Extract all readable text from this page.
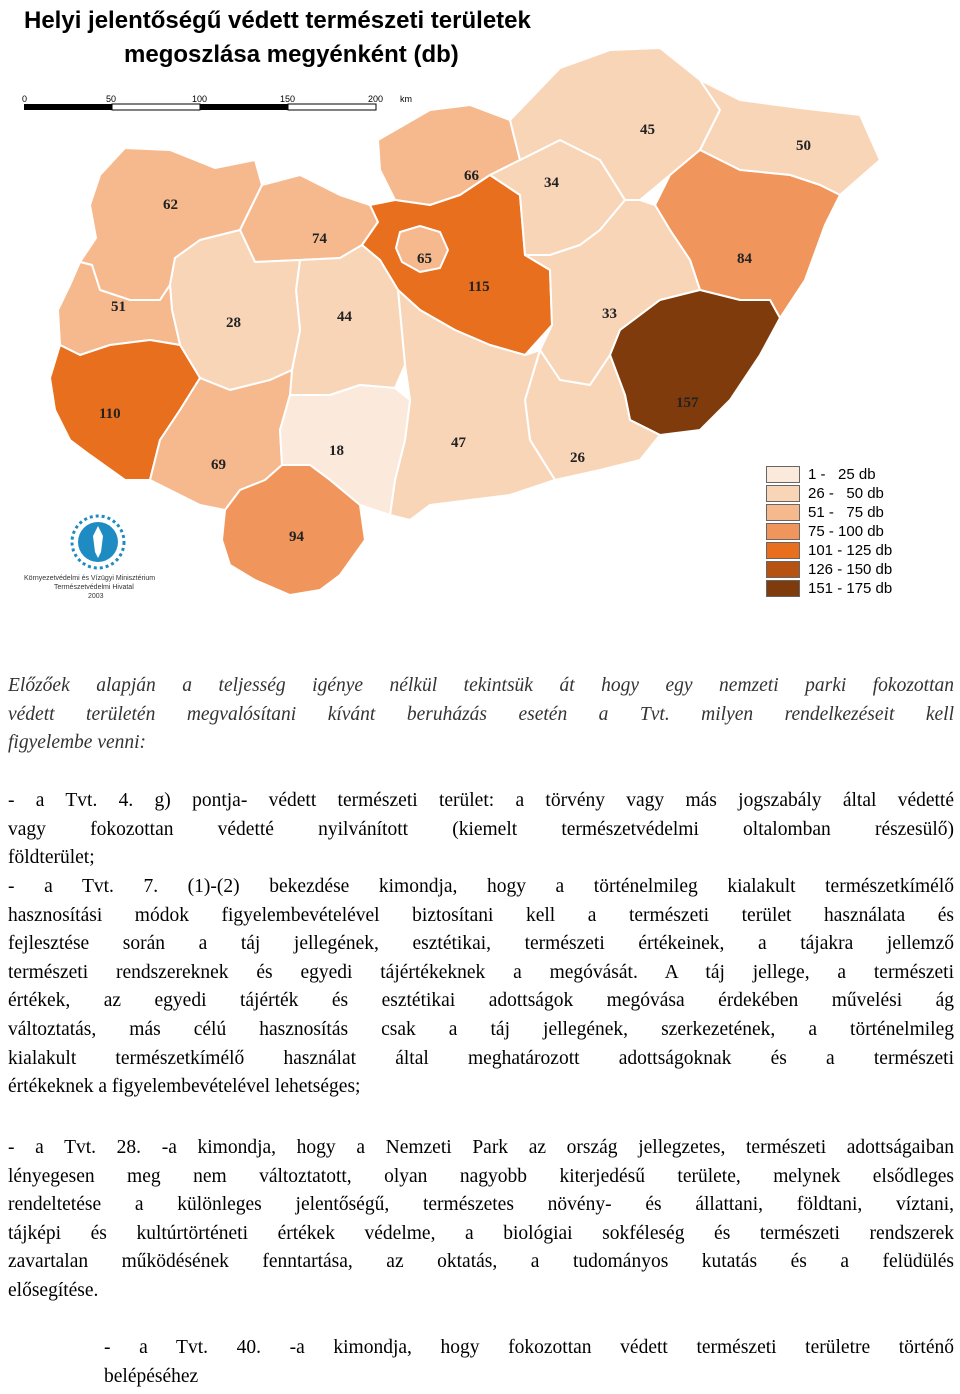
Helyi jelentőségű védett természeti területek
megoszlása megyénként (db)
0	50	100	150	200 km
62
74
65
66
45
50
34
51
28	44
115
33
84
110
69
18	47
26
157
94
Környezetvédelmi és Vízügyi Minisztérium
Természetvédelmi Hivatal
2003
1 -   25 db
26 -   50 db
51 -   75 db
75 - 100 db
101 - 125 db
126 - 150 db
151 - 175 db
Előzőek alapján a teljesség igénye nélkül tekintsük át hogy egy nemzeti parki fokozottan
védett területén megvalósítani kívánt beruházás esetén a Tvt. milyen rendelkezéseit kell
figyelembe venni:
- a Tvt. 4. g) pontja- védett természeti terület: a törvény vagy más jogszabály által védetté
vagy fokozottan védetté nyilvánított (kiemelt természetvédelmi oltalomban részesülő)
földterület;
- a Tvt. 7. (1)-(2) bekezdése kimondja, hogy a történelmileg kialakult természetkímélő
hasznosítási módok figyelembevételével biztosítani kell a természeti terület használata és
fejlesztése során a táj jellegének, esztétikai, természeti értékeinek, a tájakra jellemző
természeti rendszereknek és egyedi tájértékeknek a megóvását. A táj jellege, a természeti
értékek, az egyedi tájérték és esztétikai adottságok megóvása érdekében művelési ág
változtatás, más célú hasznosítás csak a táj jellegének, szerkezetének, a történelmileg
kialakult természetkímélő használat által meghatározott adottságoknak és a természeti
értékeknek a figyelembevételével lehetséges;
- a Tvt. 28. -a kimondja, hogy a Nemzeti Park az ország jellegzetes, természeti adottságaiban
lényegesen meg nem változtatott, olyan nagyobb kiterjedésű területe, melynek elsődleges
rendeltetése a különleges jelentőségű, természetes növény- és állattani, földtani, víztani,
tájképi és kultúrtörténeti értékek védelme, a biológiai sokféleség és természeti rendszerek
zavartalan működésének fenntartása, az oktatás, a tudományos kutatás és a felüdülés
elősegítése.
- a Tvt. 40. -a kimondja, hogy fokozottan védett természeti területre történő
belépéséhez
